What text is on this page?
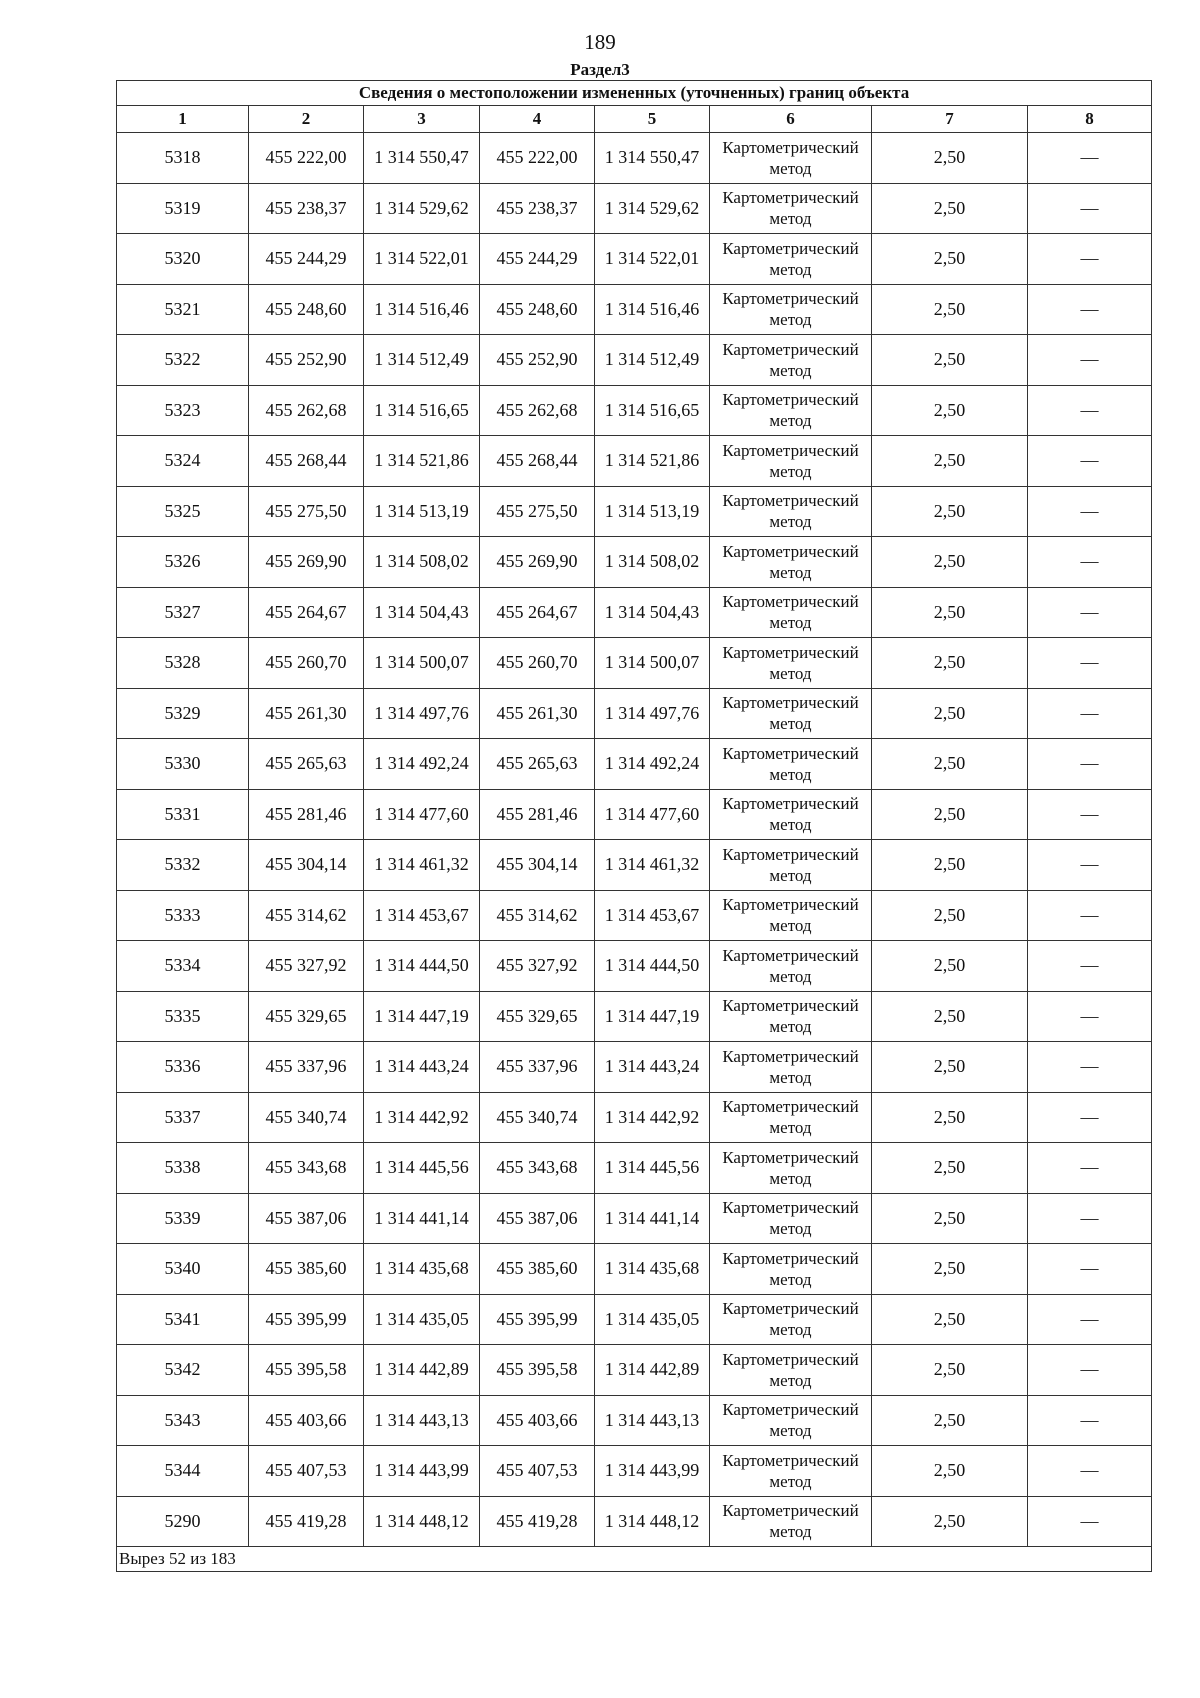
189
Раздел3
Сведения о местоположении измененных (уточненных) границ объекта							
1	2	3	4	5	6	7	8
5318	455 222,00	1 314 550,47	455 222,00	1 314 550,47	Картометрический метод	2,50	—
5319	455 238,37	1 314 529,62	455 238,37	1 314 529,62	Картометрический метод	2,50	—
5320	455 244,29	1 314 522,01	455 244,29	1 314 522,01	Картометрический метод	2,50	—
5321	455 248,60	1 314 516,46	455 248,60	1 314 516,46	Картометрический метод	2,50	—
5322	455 252,90	1 314 512,49	455 252,90	1 314 512,49	Картометрический метод	2,50	—
5323	455 262,68	1 314 516,65	455 262,68	1 314 516,65	Картометрический метод	2,50	—
5324	455 268,44	1 314 521,86	455 268,44	1 314 521,86	Картометрический метод	2,50	—
5325	455 275,50	1 314 513,19	455 275,50	1 314 513,19	Картометрический метод	2,50	—
5326	455 269,90	1 314 508,02	455 269,90	1 314 508,02	Картометрический метод	2,50	—
5327	455 264,67	1 314 504,43	455 264,67	1 314 504,43	Картометрический метод	2,50	—
5328	455 260,70	1 314 500,07	455 260,70	1 314 500,07	Картометрический метод	2,50	—
5329	455 261,30	1 314 497,76	455 261,30	1 314 497,76	Картометрический метод	2,50	—
5330	455 265,63	1 314 492,24	455 265,63	1 314 492,24	Картометрический метод	2,50	—
5331	455 281,46	1 314 477,60	455 281,46	1 314 477,60	Картометрический метод	2,50	—
5332	455 304,14	1 314 461,32	455 304,14	1 314 461,32	Картометрический метод	2,50	—
5333	455 314,62	1 314 453,67	455 314,62	1 314 453,67	Картометрический метод	2,50	—
5334	455 327,92	1 314 444,50	455 327,92	1 314 444,50	Картометрический метод	2,50	—
5335	455 329,65	1 314 447,19	455 329,65	1 314 447,19	Картометрический метод	2,50	—
5336	455 337,96	1 314 443,24	455 337,96	1 314 443,24	Картометрический метод	2,50	—
5337	455 340,74	1 314 442,92	455 340,74	1 314 442,92	Картометрический метод	2,50	—
5338	455 343,68	1 314 445,56	455 343,68	1 314 445,56	Картометрический метод	2,50	—
5339	455 387,06	1 314 441,14	455 387,06	1 314 441,14	Картометрический метод	2,50	—
5340	455 385,60	1 314 435,68	455 385,60	1 314 435,68	Картометрический метод	2,50	—
5341	455 395,99	1 314 435,05	455 395,99	1 314 435,05	Картометрический метод	2,50	—
5342	455 395,58	1 314 442,89	455 395,58	1 314 442,89	Картометрический метод	2,50	—
5343	455 403,66	1 314 443,13	455 403,66	1 314 443,13	Картометрический метод	2,50	—
5344	455 407,53	1 314 443,99	455 407,53	1 314 443,99	Картометрический метод	2,50	—
5290	455 419,28	1 314 448,12	455 419,28	1 314 448,12	Картометрический метод	2,50	—
Вырез 52 из 183							
